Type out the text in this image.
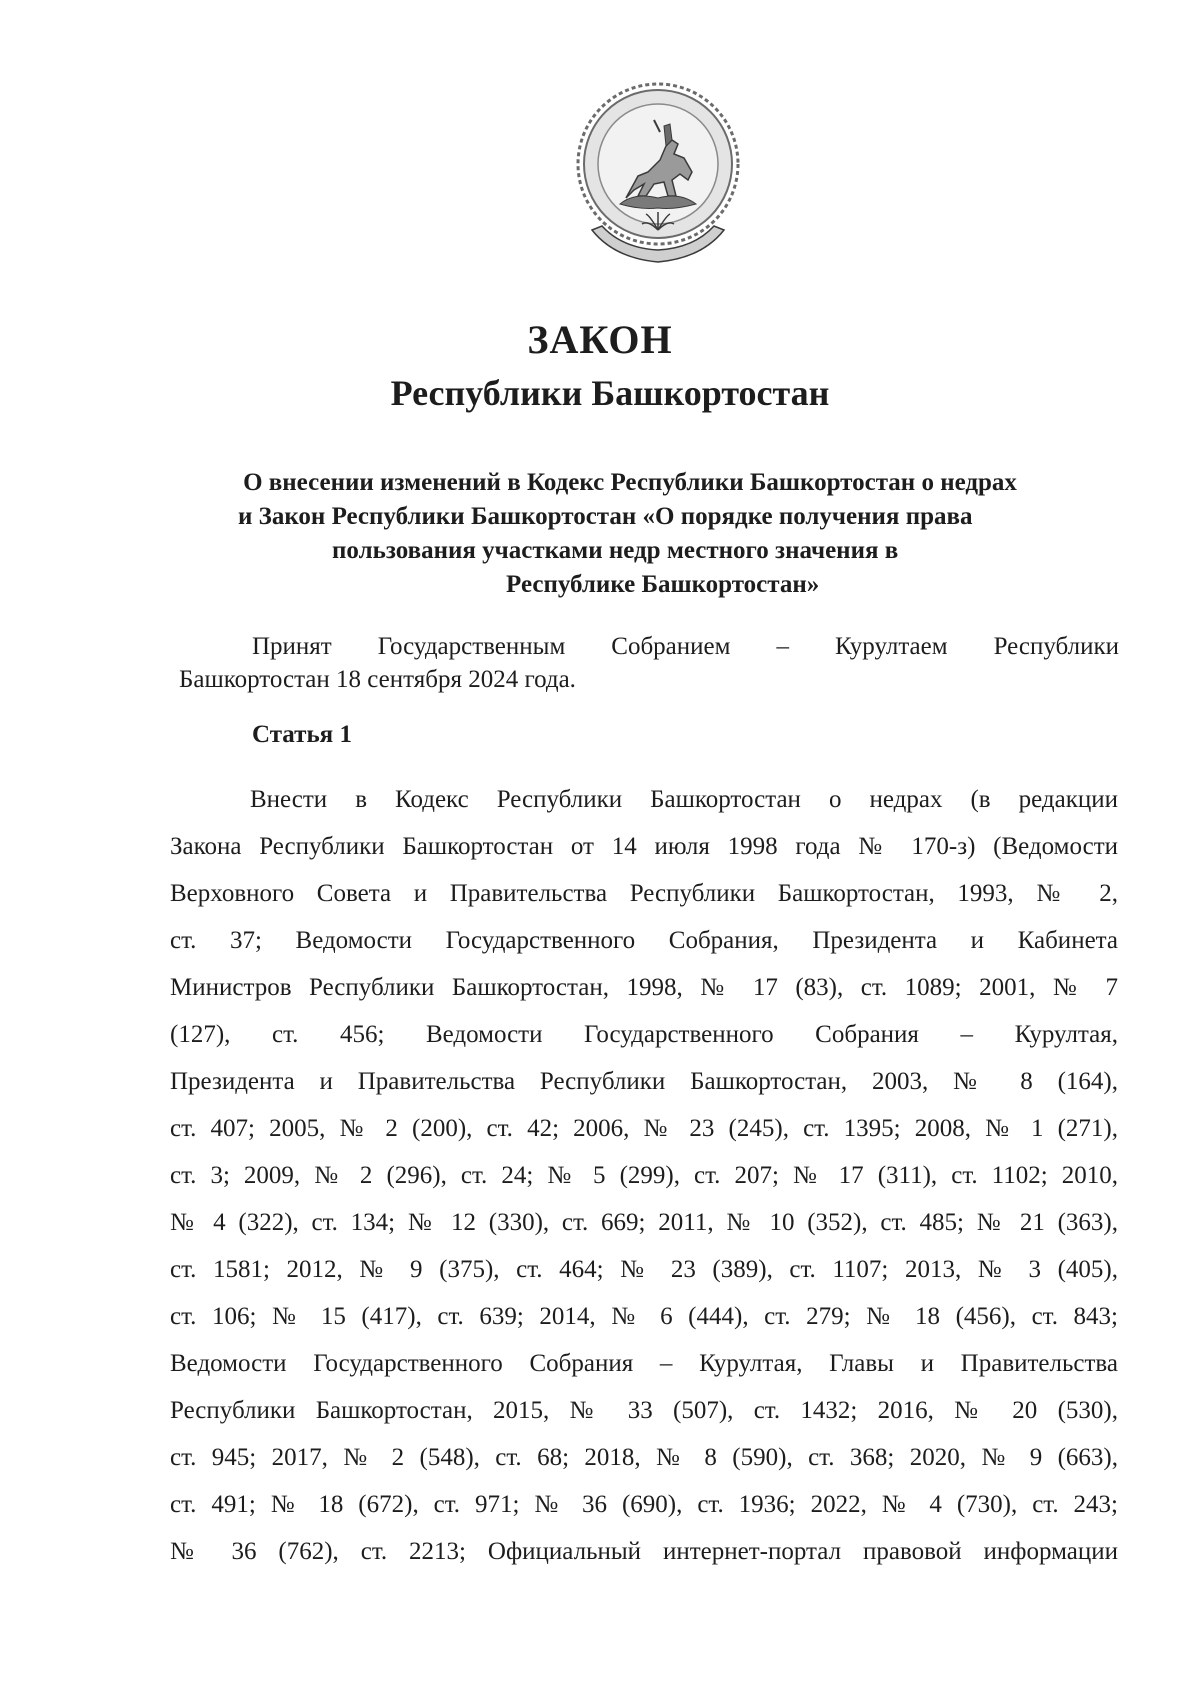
ЗАКОН
Республики Башкортостан
О внесении изменений в Кодекс Республики Башкортостан о недрах
и Закон Республики Башкортостан «О порядке получения права
пользования участками недр местного значения в
Республике Башкортостан»
Принят Государственным Собранием – Курултаем Республики
Башкортостан 18 сентября 2024 года.
Статья 1
Внести в Кодекс Республики Башкортостан о недрах (в редакции
Закона Республики Башкортостан от 14 июля 1998 года № 170-з) (Ведомости
Верховного Совета и Правительства Республики Башкортостан, 1993, № 2,
ст. 37; Ведомости Государственного Собрания, Президента и Кабинета
Министров Республики Башкортостан, 1998, № 17 (83), ст. 1089; 2001, № 7
(127), ст. 456; Ведомости Государственного Собрания – Курултая,
Президента и Правительства Республики Башкортостан, 2003, № 8 (164),
ст. 407; 2005, № 2 (200), ст. 42; 2006, № 23 (245), ст. 1395; 2008, № 1 (271),
ст. 3; 2009, № 2 (296), ст. 24; № 5 (299), ст. 207; № 17 (311), ст. 1102; 2010,
№ 4 (322), ст. 134; № 12 (330), ст. 669; 2011, № 10 (352), ст. 485; № 21 (363),
ст. 1581; 2012, № 9 (375), ст. 464; № 23 (389), ст. 1107; 2013, № 3 (405),
ст. 106; № 15 (417), ст. 639; 2014, № 6 (444), ст. 279; № 18 (456), ст. 843;
Ведомости Государственного Собрания – Курултая, Главы и Правительства
Республики Башкортостан, 2015, № 33 (507), ст. 1432; 2016, № 20 (530),
ст. 945; 2017, № 2 (548), ст. 68; 2018, № 8 (590), ст. 368; 2020, № 9 (663),
ст. 491; № 18 (672), ст. 971; № 36 (690), ст. 1936; 2022, № 4 (730), ст. 243;
№ 36 (762), ст. 2213; Официальный интернет-портал правовой информации
